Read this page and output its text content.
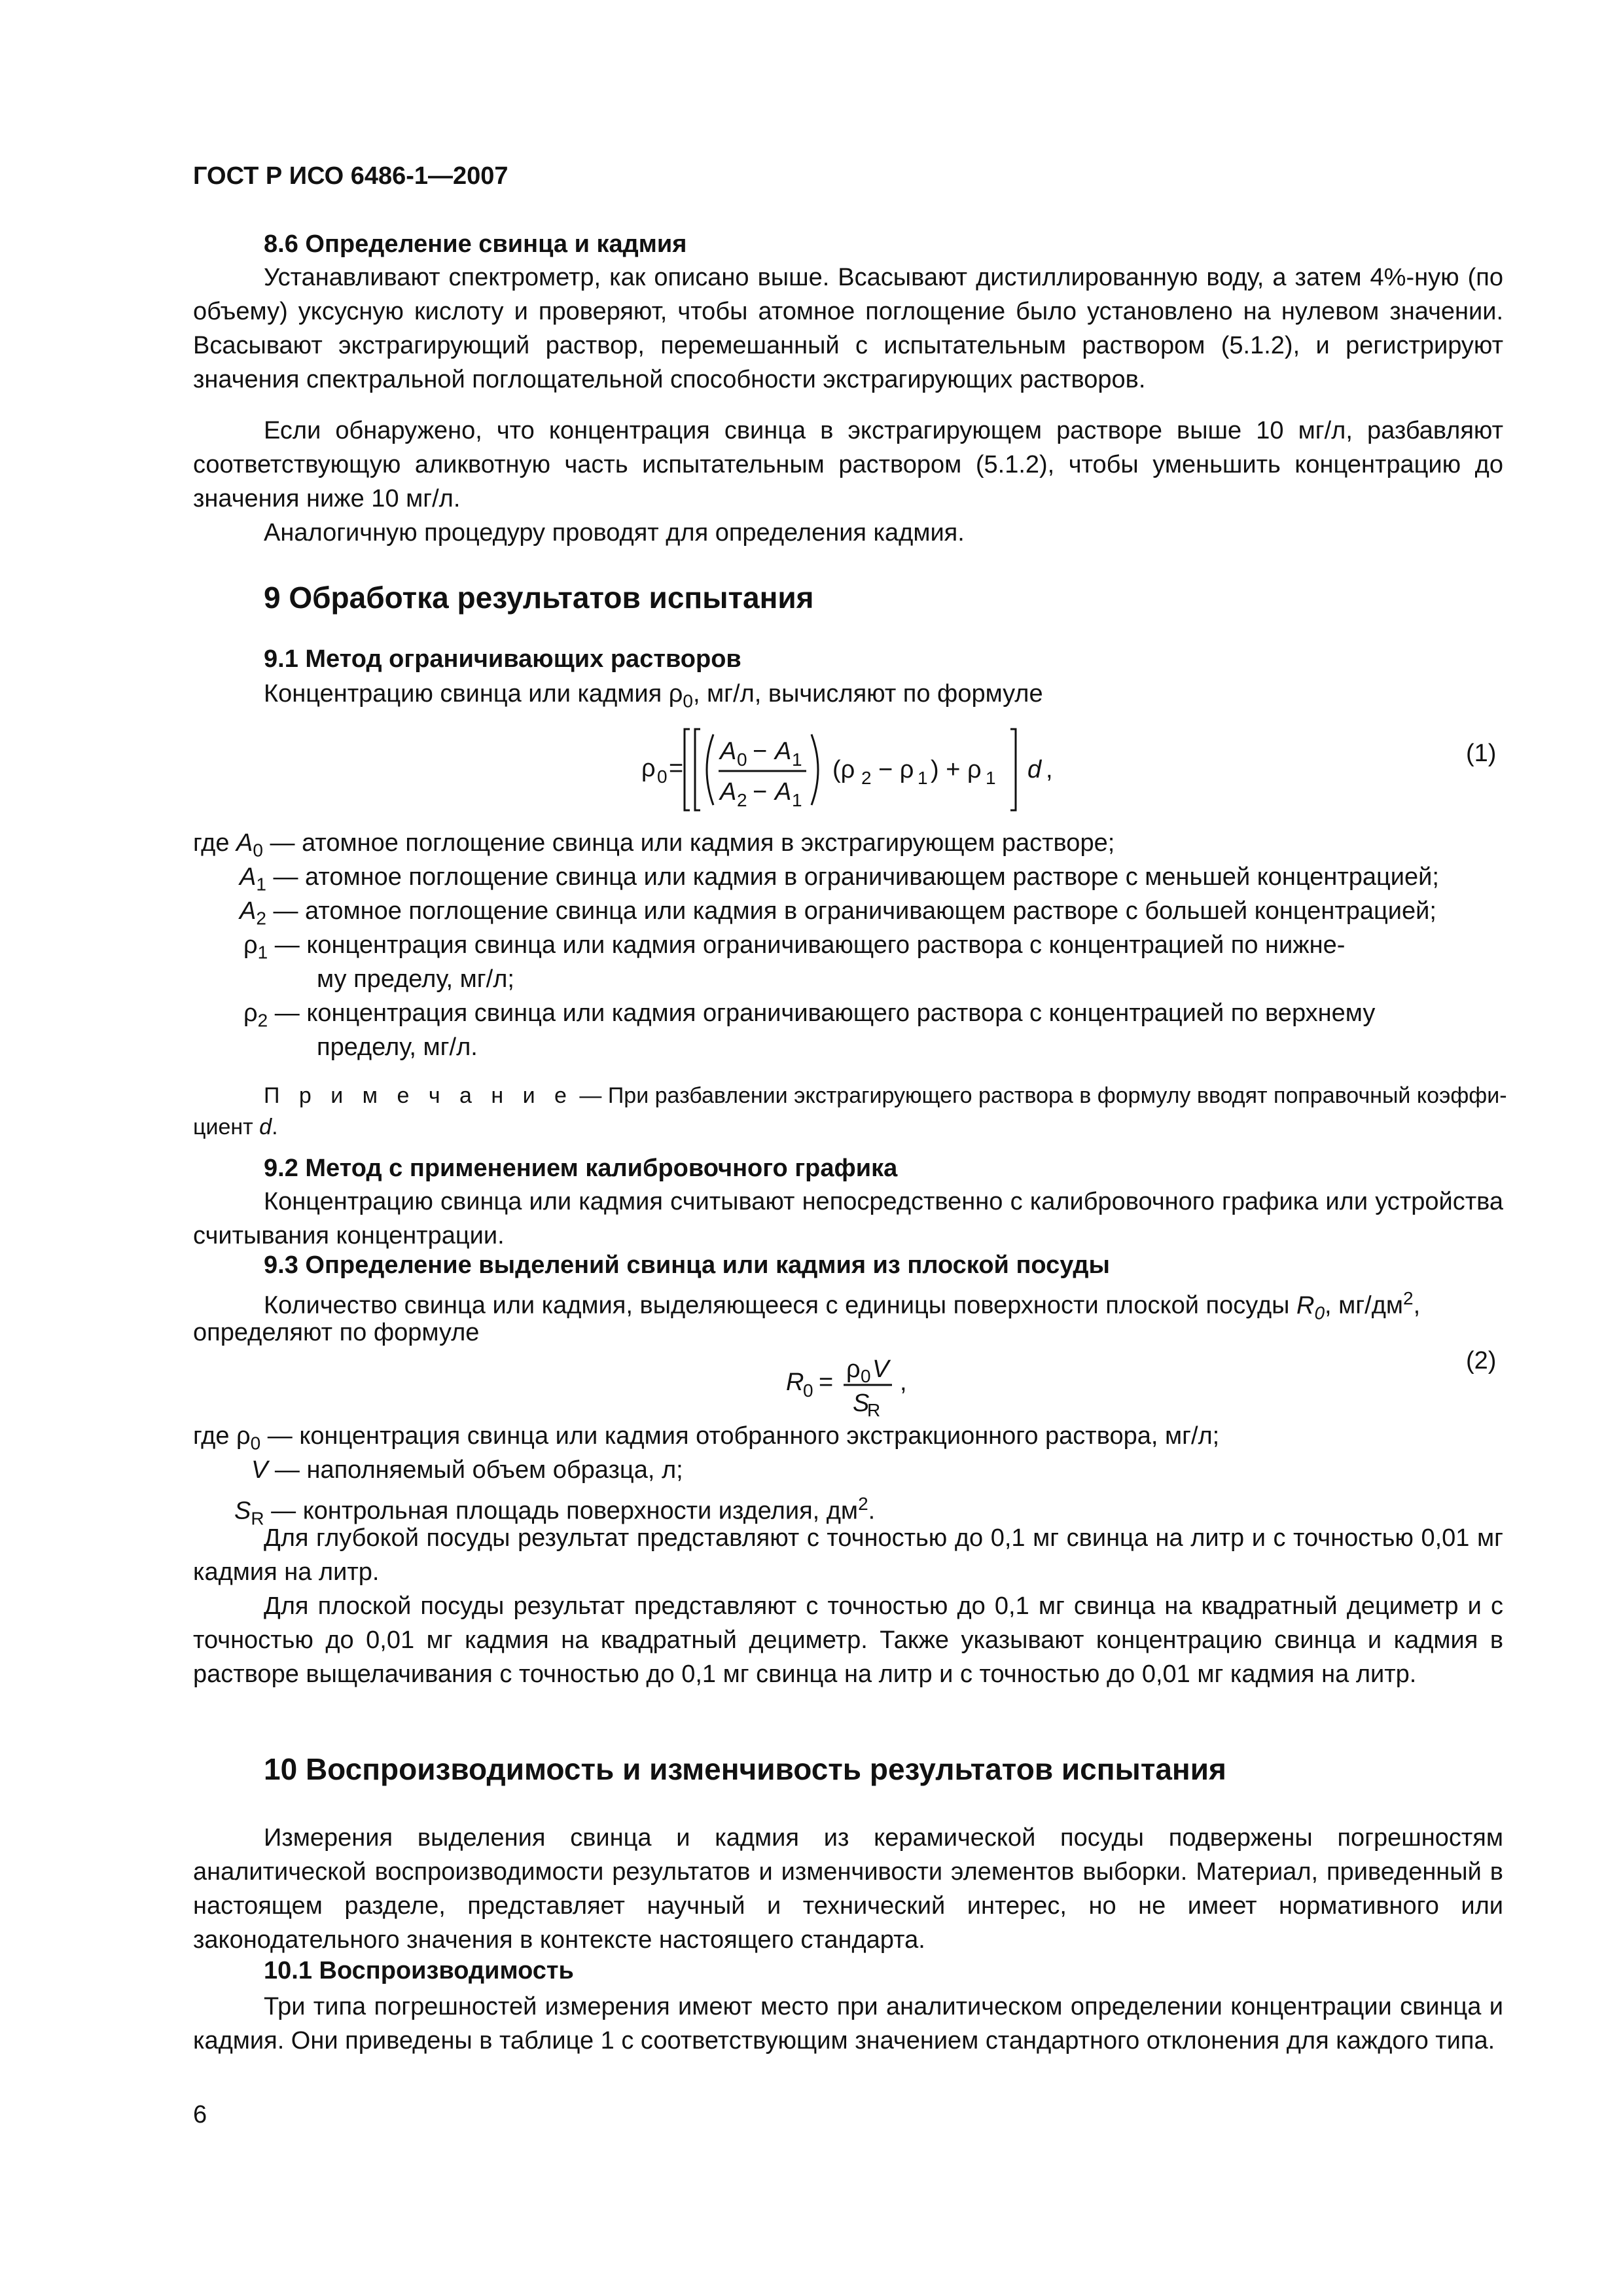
ГОСТ Р ИСО 6486-1—2007
8.6 Определение свинца и кадмия

Устанавливают спектрометр, как описано выше. Всасывают дистиллированную воду, а затем 4%-ную (по объему) уксусную кислоту и проверяют, чтобы атомное поглощение было установлено на нулевом значении. Всасывают экстрагирующий раствор, перемешанный с испытательным раствором (5.1.2), и регистрируют значения спектральной поглощательной способности экстрагирующих растворов.

Если обнаружено, что концентрация свинца в экстрагирующем растворе выше 10 мг/л, разбавляют соответствующую аликвотную часть испытательным раствором (5.1.2), чтобы уменьшить концентрацию до значения ниже 10 мг/л.

Аналогичную процедуру проводят для определения кадмия.

9 Обработка результатов испытания
9.1 Метод ограничивающих растворов
Концентрацию свинца или кадмия $\rho_0$, мг/л, вычисляют по формуле
ρ 0 =
A 0 − A 1
A 2 − A 1
(ρ 2 − ρ 1 ) + ρ 1 d ,
(1)
где $A_0$ — атомное поглощение свинца или кадмия в экстрагирующем растворе;
$A_1$ — атомное поглощение свинца или кадмия в ограничивающем растворе с меньшей концентрацией;
$A_2$ — атомное поглощение свинца или кадмия в ограничивающем растворе с большей концентрацией;
$\rho_1$ — концентрация свинца или кадмия ограничивающего раствора с концентрацией по нижне-
му пределу, мг/л;
$\rho_2$ — концентрация свинца или кадмия ограничивающего раствора с концентрацией по верхнему
пределу, мг/л.
П р и м е ч а н и е — При разбавлении экстрагирующего раствора в формулу вводят поправочный коэффи-
циент d.
9.2 Метод с применением калибровочного графика

Концентрацию свинца или кадмия считывают непосредственно с калибровочного графика или устройства считывания концентрации.

9.3 Определение выделений свинца или кадмия из плоской посуды
Количество свинца или кадмия, выделяющееся с единицы поверхности плоской посуды $R_0$, $мг/дм^2$,
определяют по формуле
R
0 = ρ 0 V
S
R
,
(2)
где $\rho_0$ — концентрация свинца или кадмия отобранного экстракционного раствора, мг/л;
V — наполняемый объем образца, л;
$S_R$ — контрольная площадь поверхности изделия, $дм^2$.

Для глубокой посуды результат представляют с точностью до 0,1 мг свинца на литр и с точностью 0,01 мг кадмия на литр.

Для плоской посуды результат представляют с точностью до 0,1 мг свинца на квадратный дециметр и с точностью до 0,01 мг кадмия на квадратный дециметр. Также указывают концентрацию свинца и кадмия в растворе выщелачивания с точностью до 0,1 мг свинца на литр и с точностью до 0,01 мг кадмия на литр.

10 Воспроизводимость и изменчивость результатов испытания

Измерения выделения свинца и кадмия из керамической посуды подвержены погрешностям аналитической воспроизводимости результатов и изменчивости элементов выборки. Материал, приведенный в настоящем разделе, представляет научный и технический интерес, но не имеет нормативного или законодательного значения в контексте настоящего стандарта.

10.1 Воспроизводимость

Три типа погрешностей измерения имеют место при аналитическом определении концентрации свинца и кадмия. Они приведены в таблице 1 с соответствующим значением стандартного отклонения для каждого типа.

6
